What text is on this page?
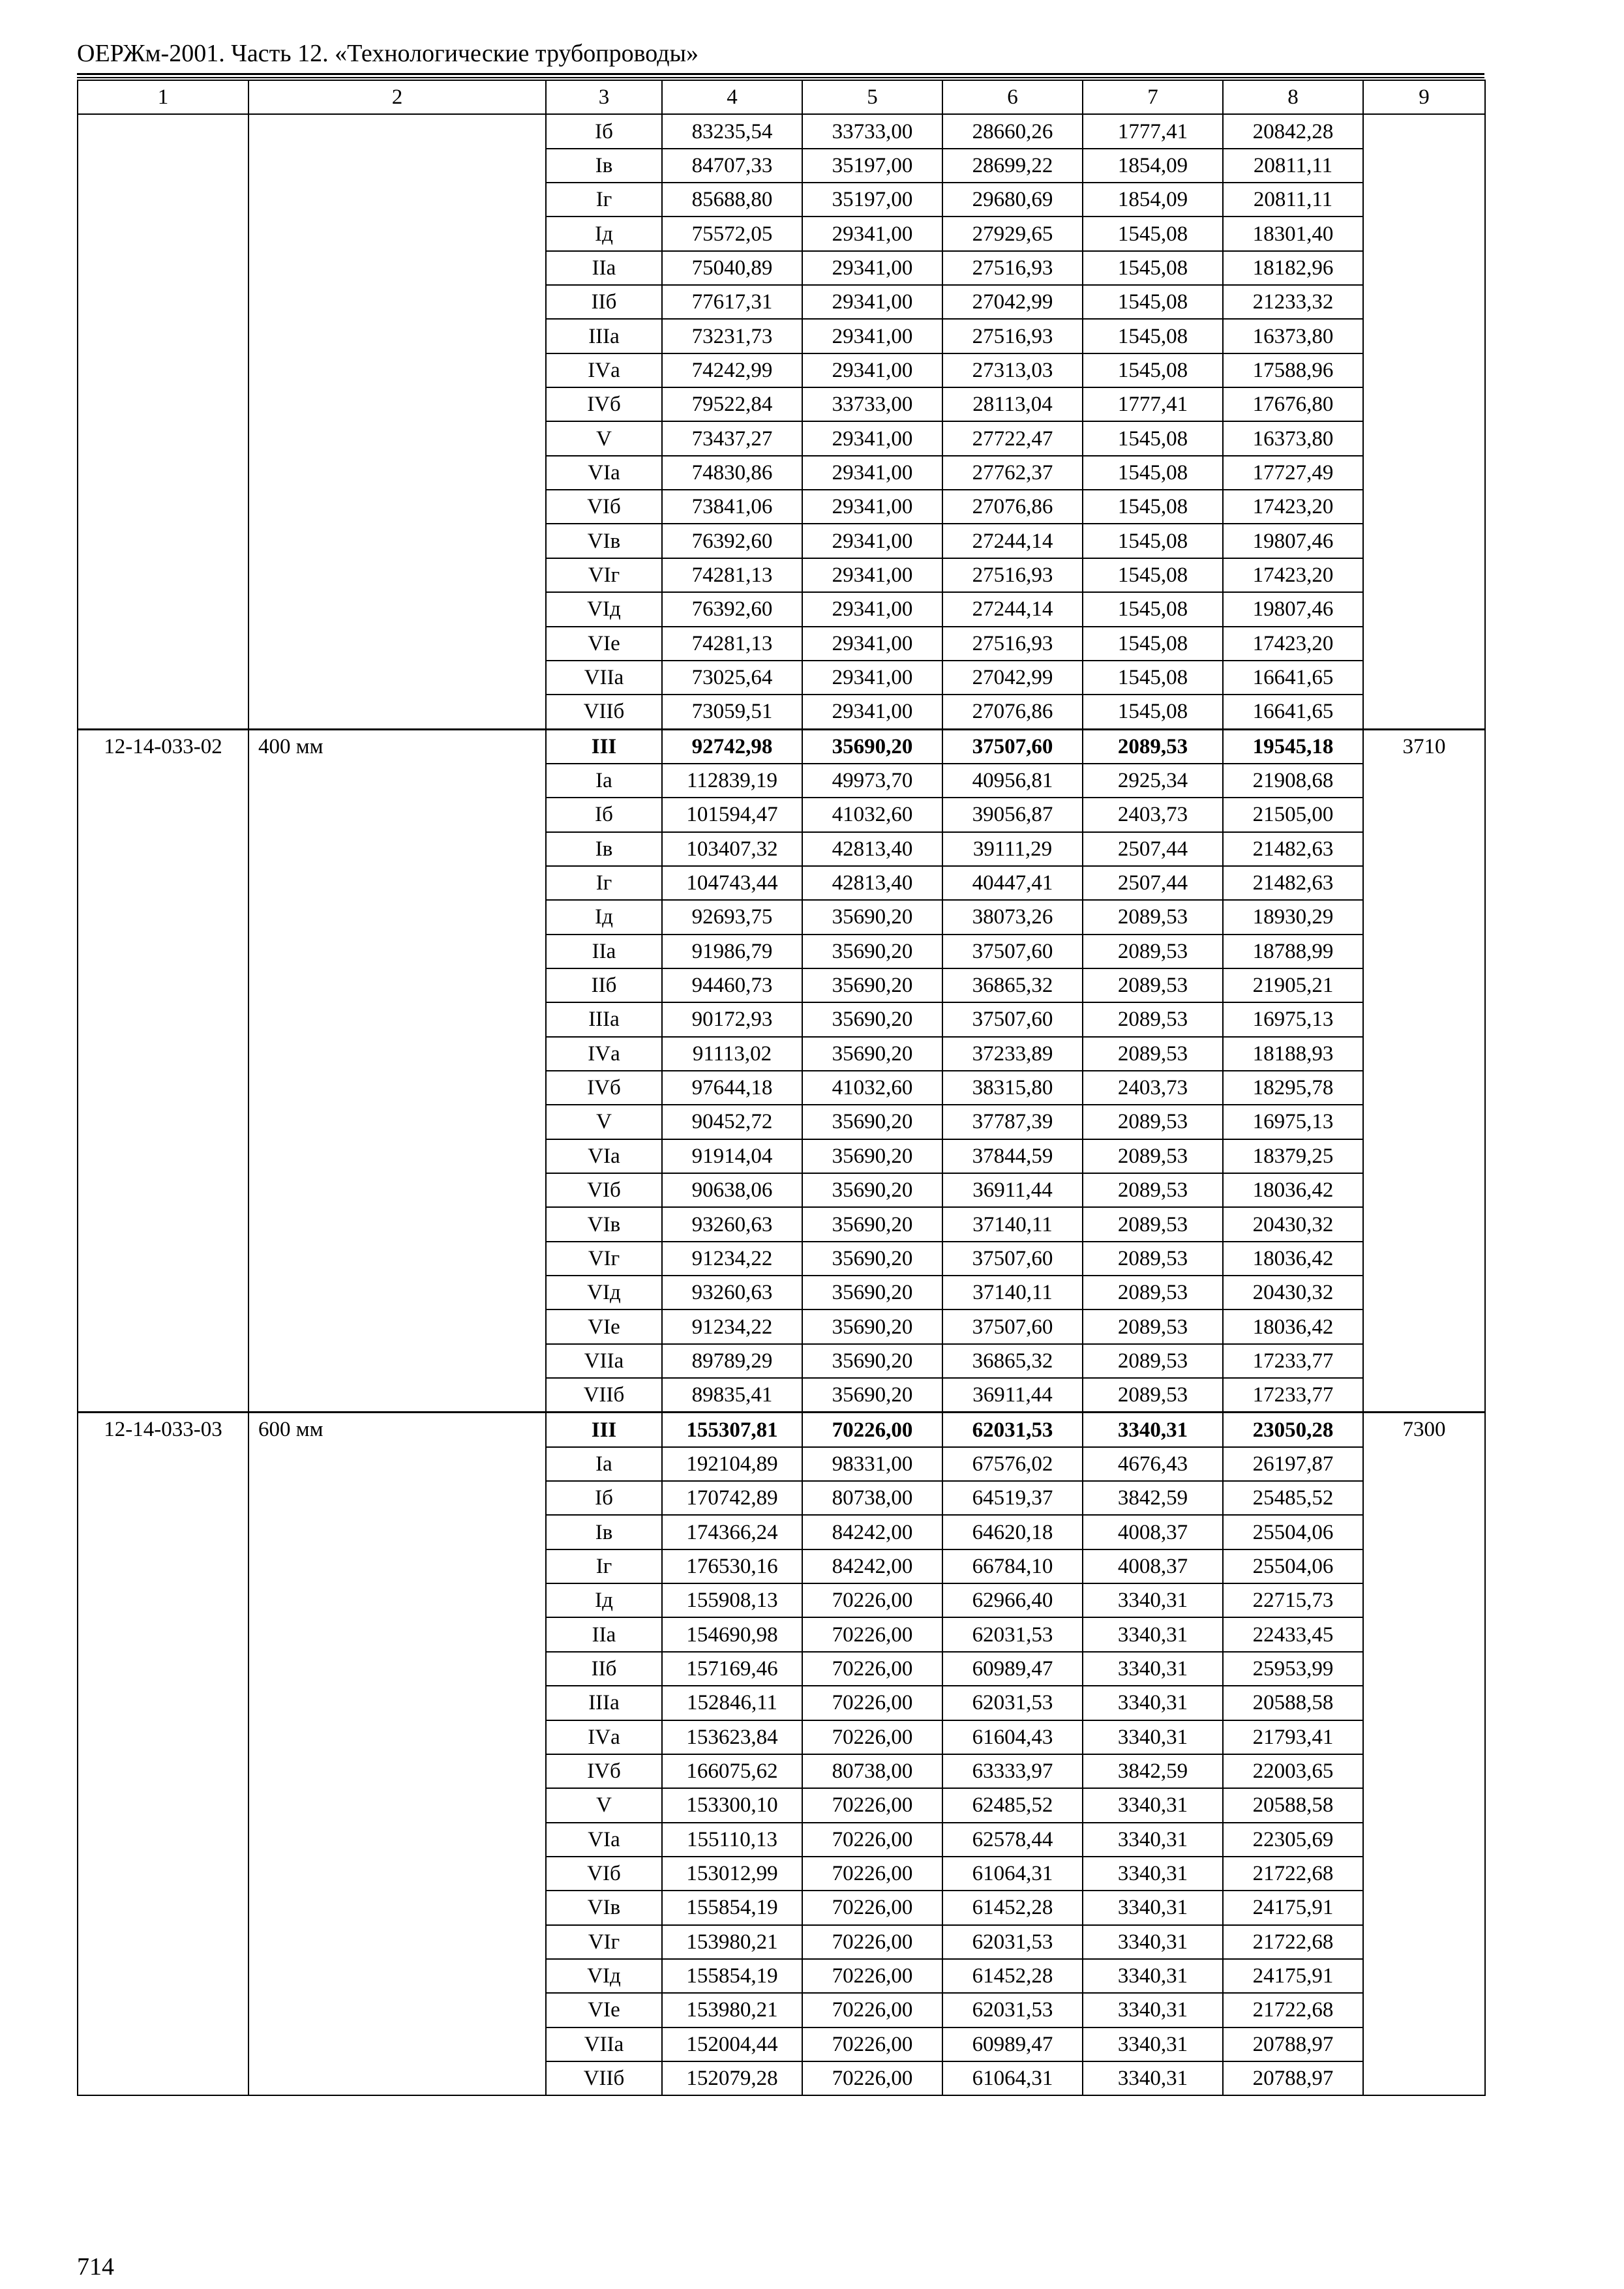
ОЕРЖм-2001. Часть 12. «Технологические трубопроводы»
1	2	3	4	5	6	7	8	9
		Iб	83235,54	33733,00	28660,26	1777,41	20842,28	
		Iв	84707,33	35197,00	28699,22	1854,09	20811,11	
		Iг	85688,80	35197,00	29680,69	1854,09	20811,11	
		Iд	75572,05	29341,00	27929,65	1545,08	18301,40	
		IIа	75040,89	29341,00	27516,93	1545,08	18182,96	
		IIб	77617,31	29341,00	27042,99	1545,08	21233,32	
		IIIа	73231,73	29341,00	27516,93	1545,08	16373,80	
		IVа	74242,99	29341,00	27313,03	1545,08	17588,96	
		IVб	79522,84	33733,00	28113,04	1777,41	17676,80	
		V	73437,27	29341,00	27722,47	1545,08	16373,80	
		VIа	74830,86	29341,00	27762,37	1545,08	17727,49	
		VIб	73841,06	29341,00	27076,86	1545,08	17423,20	
		VIв	76392,60	29341,00	27244,14	1545,08	19807,46	
		VIг	74281,13	29341,00	27516,93	1545,08	17423,20	
		VIд	76392,60	29341,00	27244,14	1545,08	19807,46	
		VIе	74281,13	29341,00	27516,93	1545,08	17423,20	
		VIIа	73025,64	29341,00	27042,99	1545,08	16641,65	
		VIIб	73059,51	29341,00	27076,86	1545,08	16641,65	
12-14-033-02	400 мм	III	92742,98	35690,20	37507,60	2089,53	19545,18	3710
		Iа	112839,19	49973,70	40956,81	2925,34	21908,68	
		Iб	101594,47	41032,60	39056,87	2403,73	21505,00	
		Iв	103407,32	42813,40	39111,29	2507,44	21482,63	
		Iг	104743,44	42813,40	40447,41	2507,44	21482,63	
		Iд	92693,75	35690,20	38073,26	2089,53	18930,29	
		IIа	91986,79	35690,20	37507,60	2089,53	18788,99	
		IIб	94460,73	35690,20	36865,32	2089,53	21905,21	
		IIIа	90172,93	35690,20	37507,60	2089,53	16975,13	
		IVа	91113,02	35690,20	37233,89	2089,53	18188,93	
		IVб	97644,18	41032,60	38315,80	2403,73	18295,78	
		V	90452,72	35690,20	37787,39	2089,53	16975,13	
		VIа	91914,04	35690,20	37844,59	2089,53	18379,25	
		VIб	90638,06	35690,20	36911,44	2089,53	18036,42	
		VIв	93260,63	35690,20	37140,11	2089,53	20430,32	
		VIг	91234,22	35690,20	37507,60	2089,53	18036,42	
		VIд	93260,63	35690,20	37140,11	2089,53	20430,32	
		VIе	91234,22	35690,20	37507,60	2089,53	18036,42	
		VIIа	89789,29	35690,20	36865,32	2089,53	17233,77	
		VIIб	89835,41	35690,20	36911,44	2089,53	17233,77	
12-14-033-03	600 мм	III	155307,81	70226,00	62031,53	3340,31	23050,28	7300
		Iа	192104,89	98331,00	67576,02	4676,43	26197,87	
		Iб	170742,89	80738,00	64519,37	3842,59	25485,52	
		Iв	174366,24	84242,00	64620,18	4008,37	25504,06	
		Iг	176530,16	84242,00	66784,10	4008,37	25504,06	
		Iд	155908,13	70226,00	62966,40	3340,31	22715,73	
		IIа	154690,98	70226,00	62031,53	3340,31	22433,45	
		IIб	157169,46	70226,00	60989,47	3340,31	25953,99	
		IIIа	152846,11	70226,00	62031,53	3340,31	20588,58	
		IVа	153623,84	70226,00	61604,43	3340,31	21793,41	
		IVб	166075,62	80738,00	63333,97	3842,59	22003,65	
		V	153300,10	70226,00	62485,52	3340,31	20588,58	
		VIа	155110,13	70226,00	62578,44	3340,31	22305,69	
		VIб	153012,99	70226,00	61064,31	3340,31	21722,68	
		VIв	155854,19	70226,00	61452,28	3340,31	24175,91	
		VIг	153980,21	70226,00	62031,53	3340,31	21722,68	
		VIд	155854,19	70226,00	61452,28	3340,31	24175,91	
		VIе	153980,21	70226,00	62031,53	3340,31	21722,68	
		VIIа	152004,44	70226,00	60989,47	3340,31	20788,97	
		VIIб	152079,28	70226,00	61064,31	3340,31	20788,97	
714
